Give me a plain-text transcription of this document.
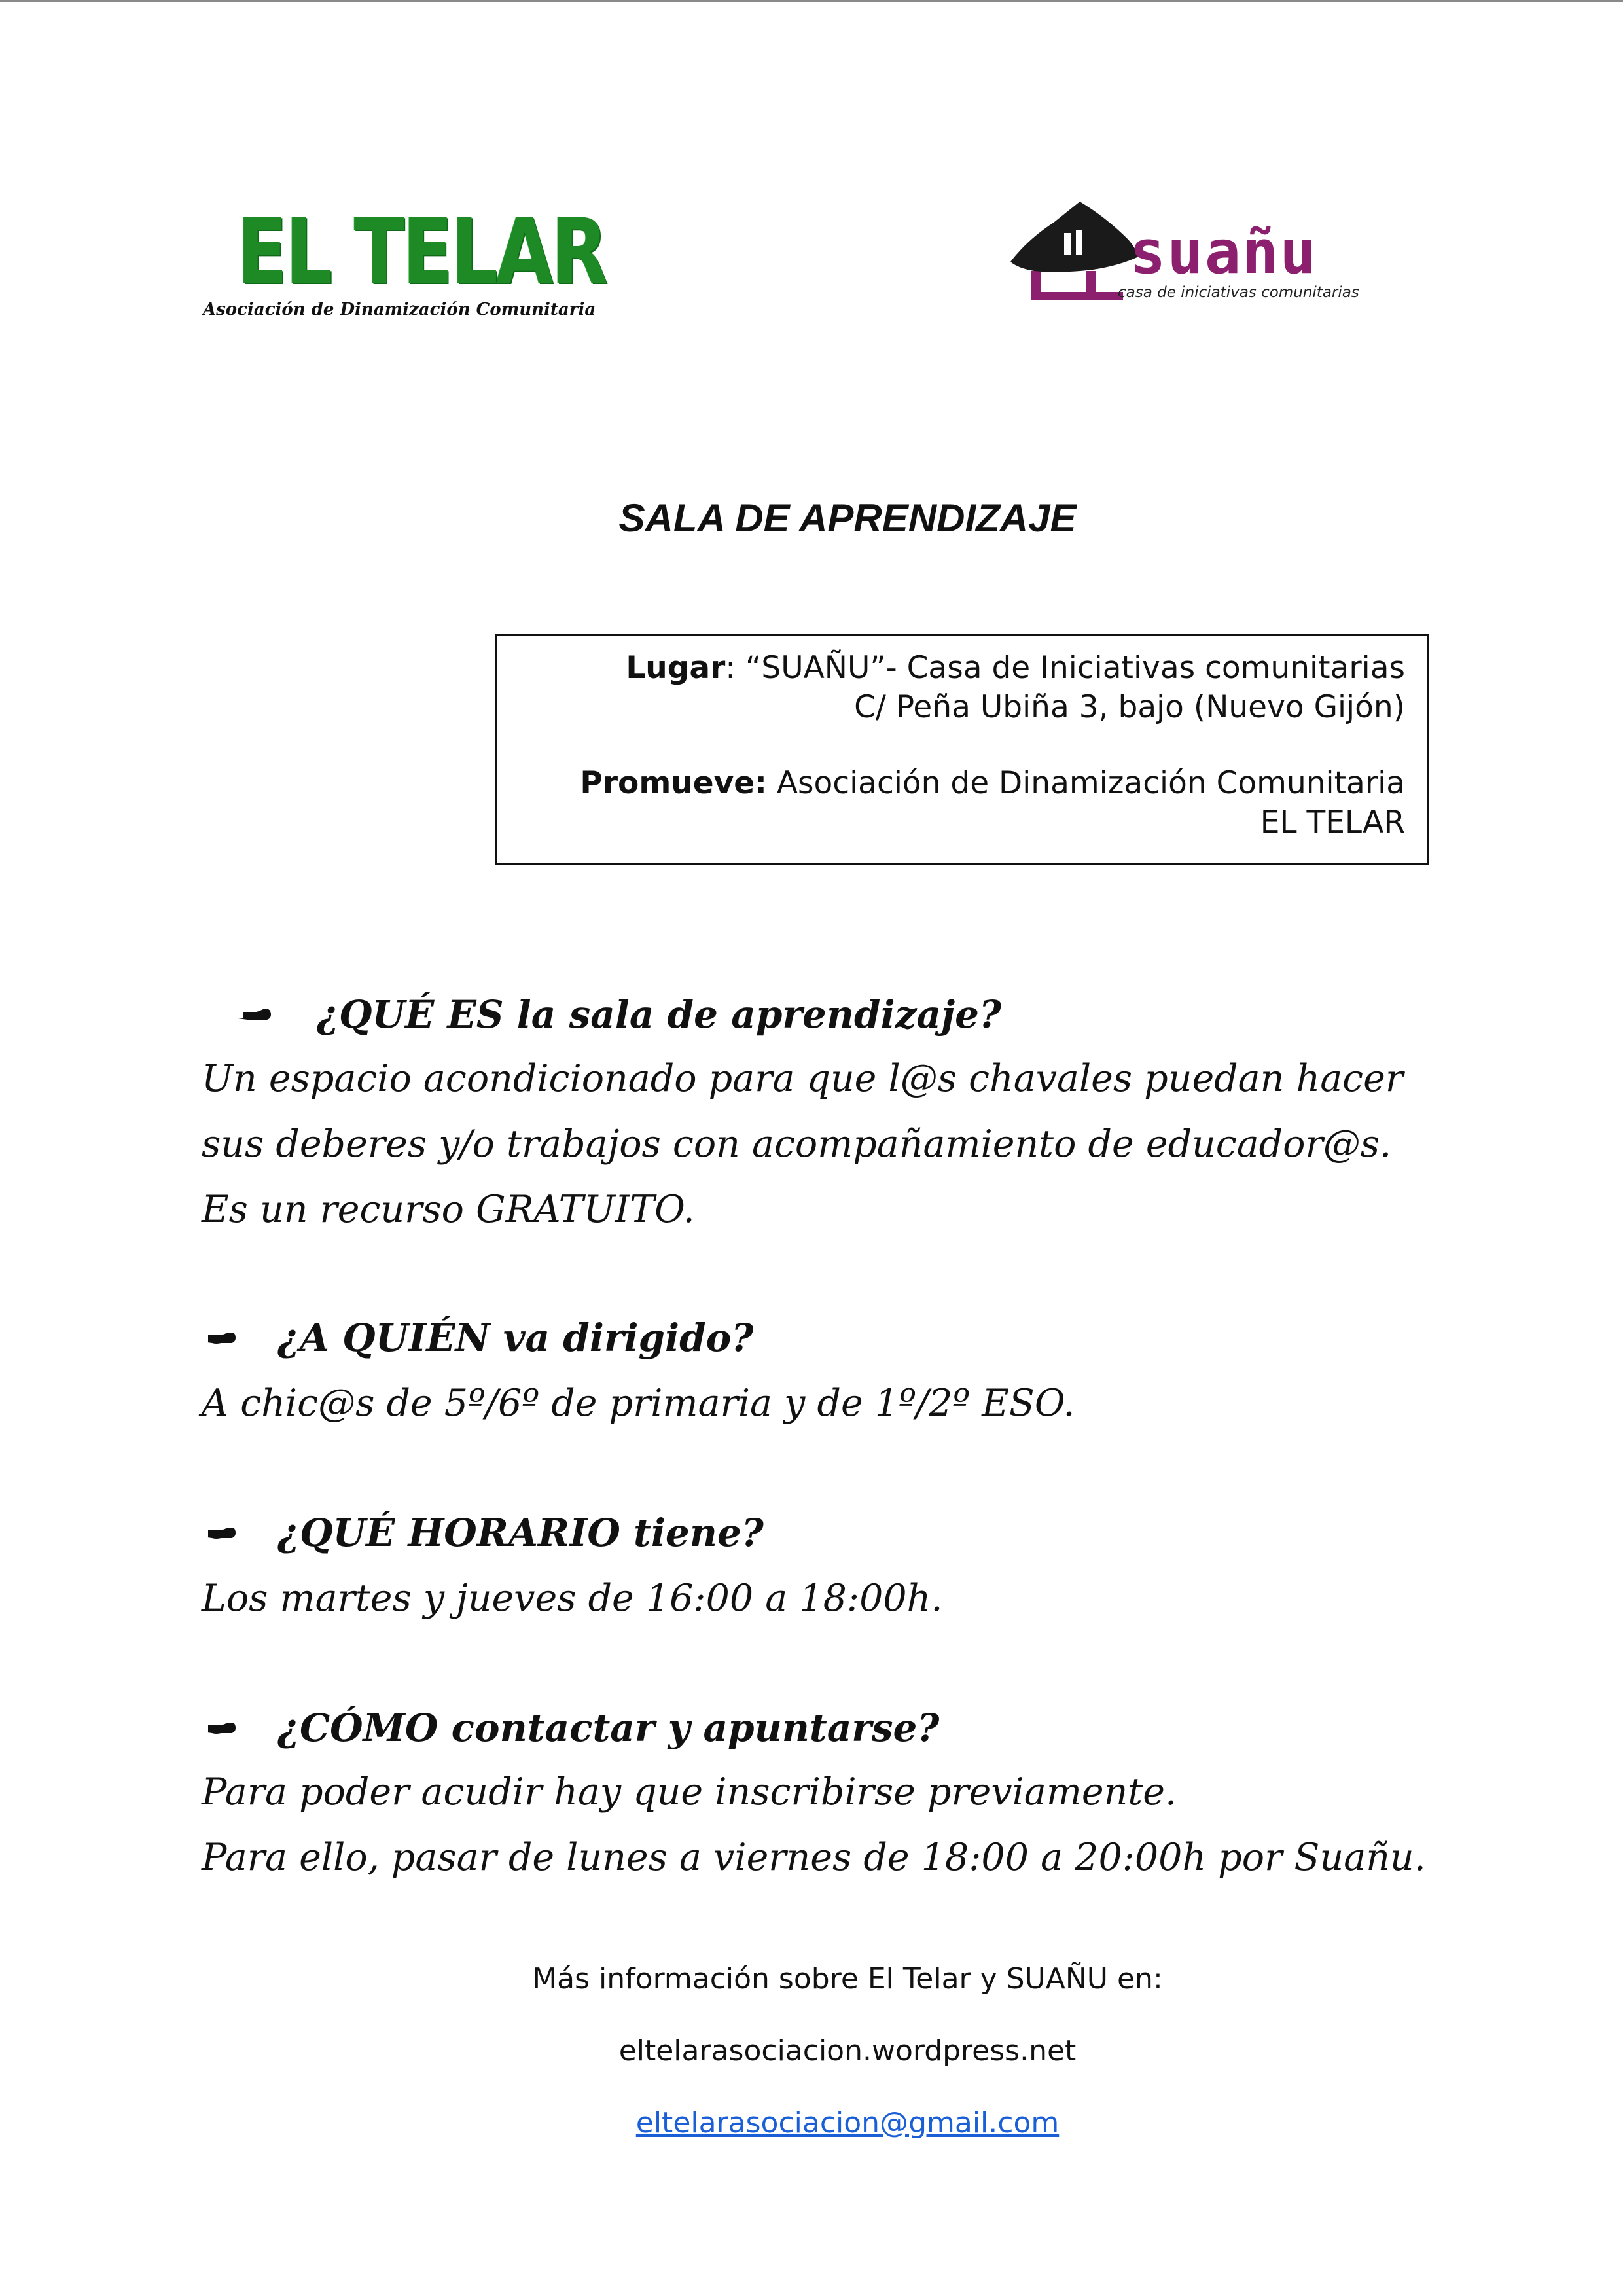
EL TELAR
Asociación de Dinamización Comunitaria
suañu
casa de iniciativas comunitarias
SALA DE APRENDIZAJE
Lugar: “SUAÑU”- Casa de Iniciativas comunitarias
C/ Peña Ubiña 3, bajo (Nuevo Gijón)
Promueve: Asociación de Dinamización Comunitaria
EL TELAR
¿QUÉ ES la sala de aprendizaje?
Un espacio acondicionado para que l@s chavales puedan hacer
sus deberes y/o trabajos con acompañamiento de educador@s.
Es un recurso GRATUITO.
¿A QUIÉN va dirigido?
A chic@s de 5º/6º de primaria y de 1º/2º ESO.
¿QUÉ HORARIO tiene?
Los martes y jueves de 16:00 a 18:00h.
¿CÓMO contactar y apuntarse?
Para poder acudir hay que inscribirse previamente.
Para ello, pasar de lunes a viernes de 18:00 a 20:00h por Suañu.
Más información sobre El Telar y SUAÑU en:
eltelarasociacion.wordpress.net
eltelarasociacion@gmail.com
